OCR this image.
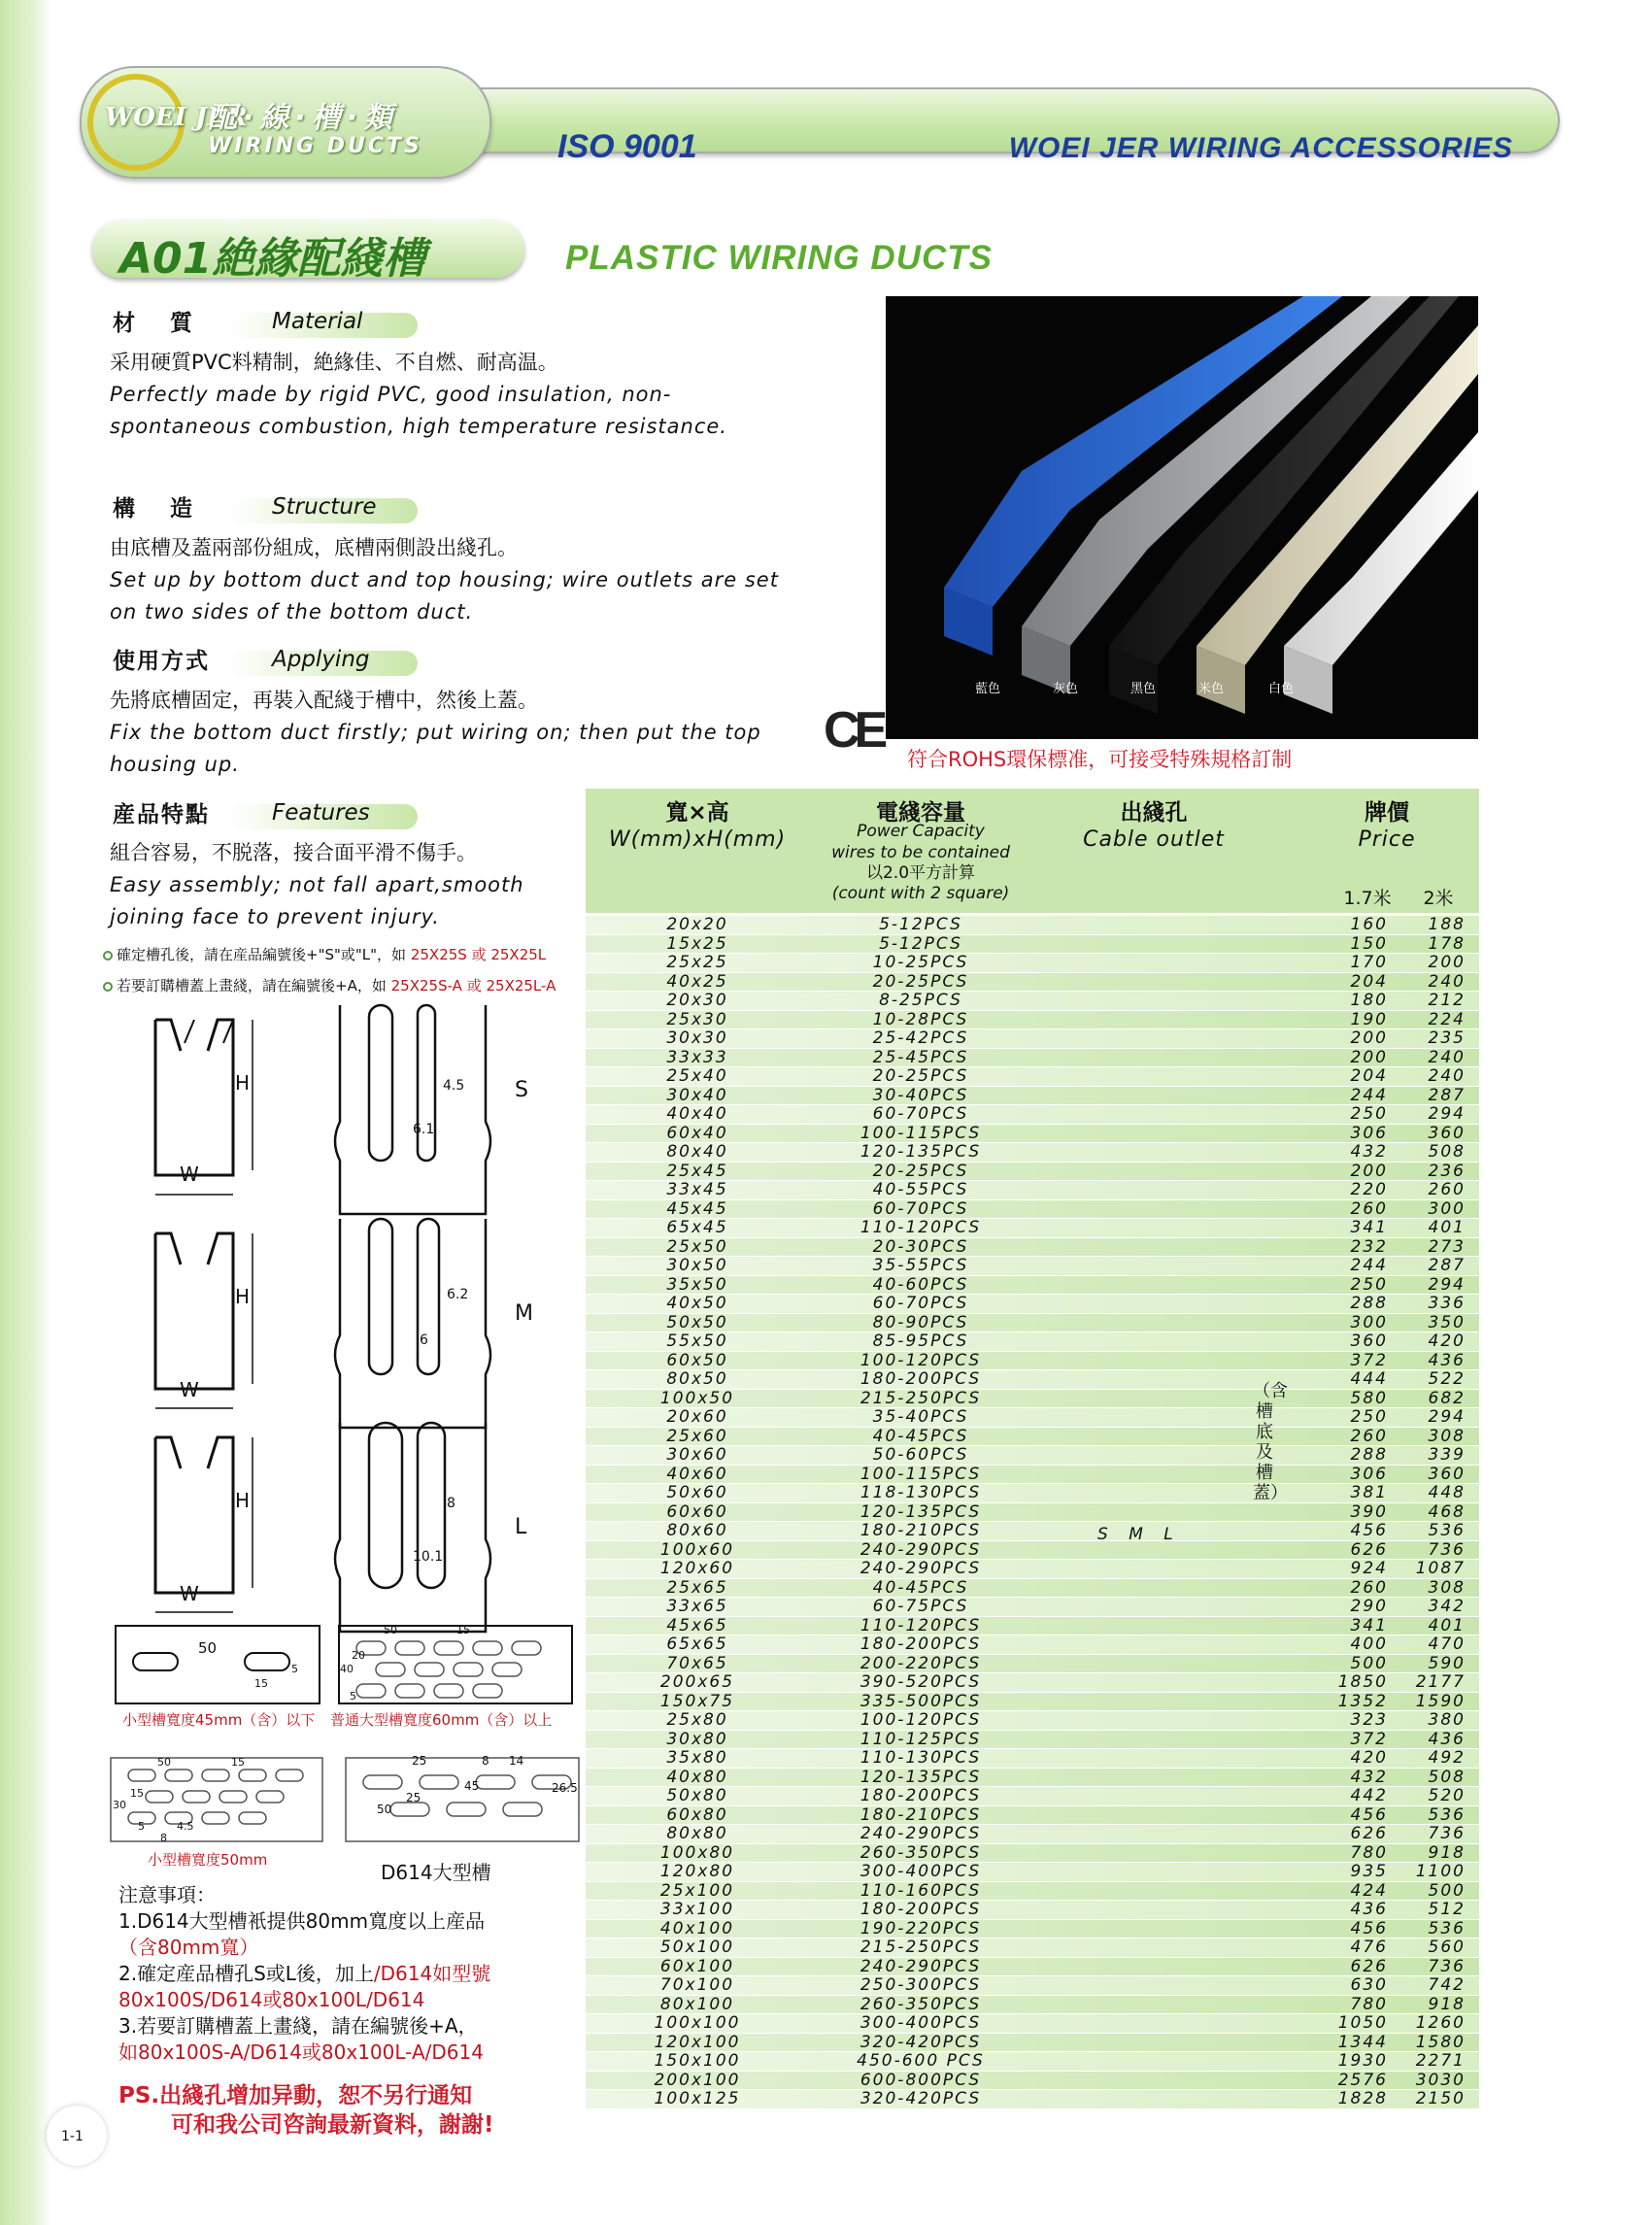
ISO 9001	WOEI JER WIRING ACCESSORIES
WOEI JER
配·線·槽·類
WIRING DUCTS
A01絶緣配綫槽	PLASTIC WIRING DUCTS
材 質	Material
采用硬質PVC料精制，絶緣佳、不自燃、耐高温。
Perfectly made by rigid PVC, good insulation, non-spontaneous combustion, high temperature resistance.
構 造	Structure
由底槽及蓋兩部份組成，底槽兩側設出綫孔。
Set up by bottom duct and top housing; wire outlets are set on two sides of the bottom duct.
使用方式	Applying
先將底槽固定，再裝入配綫于槽中，然後上蓋。
Fix the bottom duct firstly; put wiring on; then put the top housing up.
産品特點	Features
組合容易，不脱落，接合面平滑不傷手。
Easy assembly; not fall apart,smooth joining face to prevent injury.
藍色	灰色	黑色	米色	白色
CE
符合ROHS環保標准，可接受特殊規格訂制
確定槽孔後，請在産品編號後+"S"或"L"，如 25X25S 或 25X25L
若要訂購槽蓋上畫綫，請在編號後+A，如 25X25S-A 或 25X25L-A
H
W
H
W
H
W
S
M
L
4.5
6.1
6.2
6
8
10.1
50
15
5
50	15
20
40
5
小型槽寬度45mm（含）以下 普通大型槽寬度60mm（含）以上
50	15
30
15
4.5
8
5
25	8 14
25
45
50
26.5
小型槽寬度50mm
D614大型槽
注意事項：
1.D614大型槽衹提供80mm寬度以上産品
（含80mm寬）
2.確定産品槽孔S或L後，加上/D614如型號80x100S/D614或80x100L/D614
3.若要訂購槽蓋上畫綫，請在編號後+A，
如80x100S-A/D614或80x100L-A/D614
PS.出綫孔增加异動，恕不另行通知
可和我公司咨詢最新資料，謝謝!
1-1
寬×高
W(mm)xH(mm)
電綫容量
Power Capacity
wires to be contained
以2.0平方計算
(count with 2 square)
出綫孔
Cable outlet
牌價
Price
1.7米	2米
20x20	5-12PCS	160	188
15x25	5-12PCS	150	178
25x25	10-25PCS	170	200
40x25	20-25PCS	204	240
20x30	8-25PCS	180	212
25x30	10-28PCS	190	224
30x30	25-42PCS	200	235
33x33	25-45PCS	200	240
25x40	20-25PCS	204	240
30x40	30-40PCS	244	287
40x40	60-70PCS	250	294
60x40	100-115PCS	306	360
80x40	120-135PCS	432	508
25x45	20-25PCS	200	236
33x45	40-55PCS	220	260
45x45	60-70PCS	260	300
65x45	110-120PCS	341	401
25x50	20-30PCS	232	273
30x50	35-55PCS	244	287
35x50	40-60PCS	250	294
40x50	60-70PCS	288	336
50x50	80-90PCS	300	350
55x50	85-95PCS	360	420
60x50	100-120PCS	372	436
80x50	180-200PCS	444	522
100x50	215-250PCS	580	682
20x60	35-40PCS	250	294
25x60	40-45PCS	260	308
30x60	50-60PCS	288	339
40x60	100-115PCS	306	360
50x60	118-130PCS	381	448
60x60	120-135PCS	390	468
80x60	180-210PCS	456	536
100x60	240-290PCS	626	736
120x60	240-290PCS	924	1087
25x65	40-45PCS	260	308
33x65	60-75PCS	290	342
45x65	110-120PCS	341	401
65x65	180-200PCS	400	470
70x65	200-220PCS	500	590
200x65	390-520PCS	1850	2177
150x75	335-500PCS	1352	1590
25x80	100-120PCS	323	380
30x80	110-125PCS	372	436
35x80	110-130PCS	420	492
40x80	120-135PCS	432	508
50x80	180-200PCS	442	520
60x80	180-210PCS	456	536
80x80	240-290PCS	626	736
100x80	260-350PCS	780	918
120x80	300-400PCS	935	1100
25x100	110-160PCS	424	500
33x100	180-200PCS	436	512
40x100	190-220PCS	456	536
50x100	215-250PCS	476	560
60x100	240-290PCS	626	736
70x100	250-300PCS	630	742
80x100	260-350PCS	780	918
100x100	300-400PCS	1050	1260
120x100	320-420PCS	1344	1580
150x100	450-600 PCS	1930	2271
200x100	600-800PCS	2576	3030
100x125	320-420PCS	1828	2150
S M L
（含槽底及槽蓋）
